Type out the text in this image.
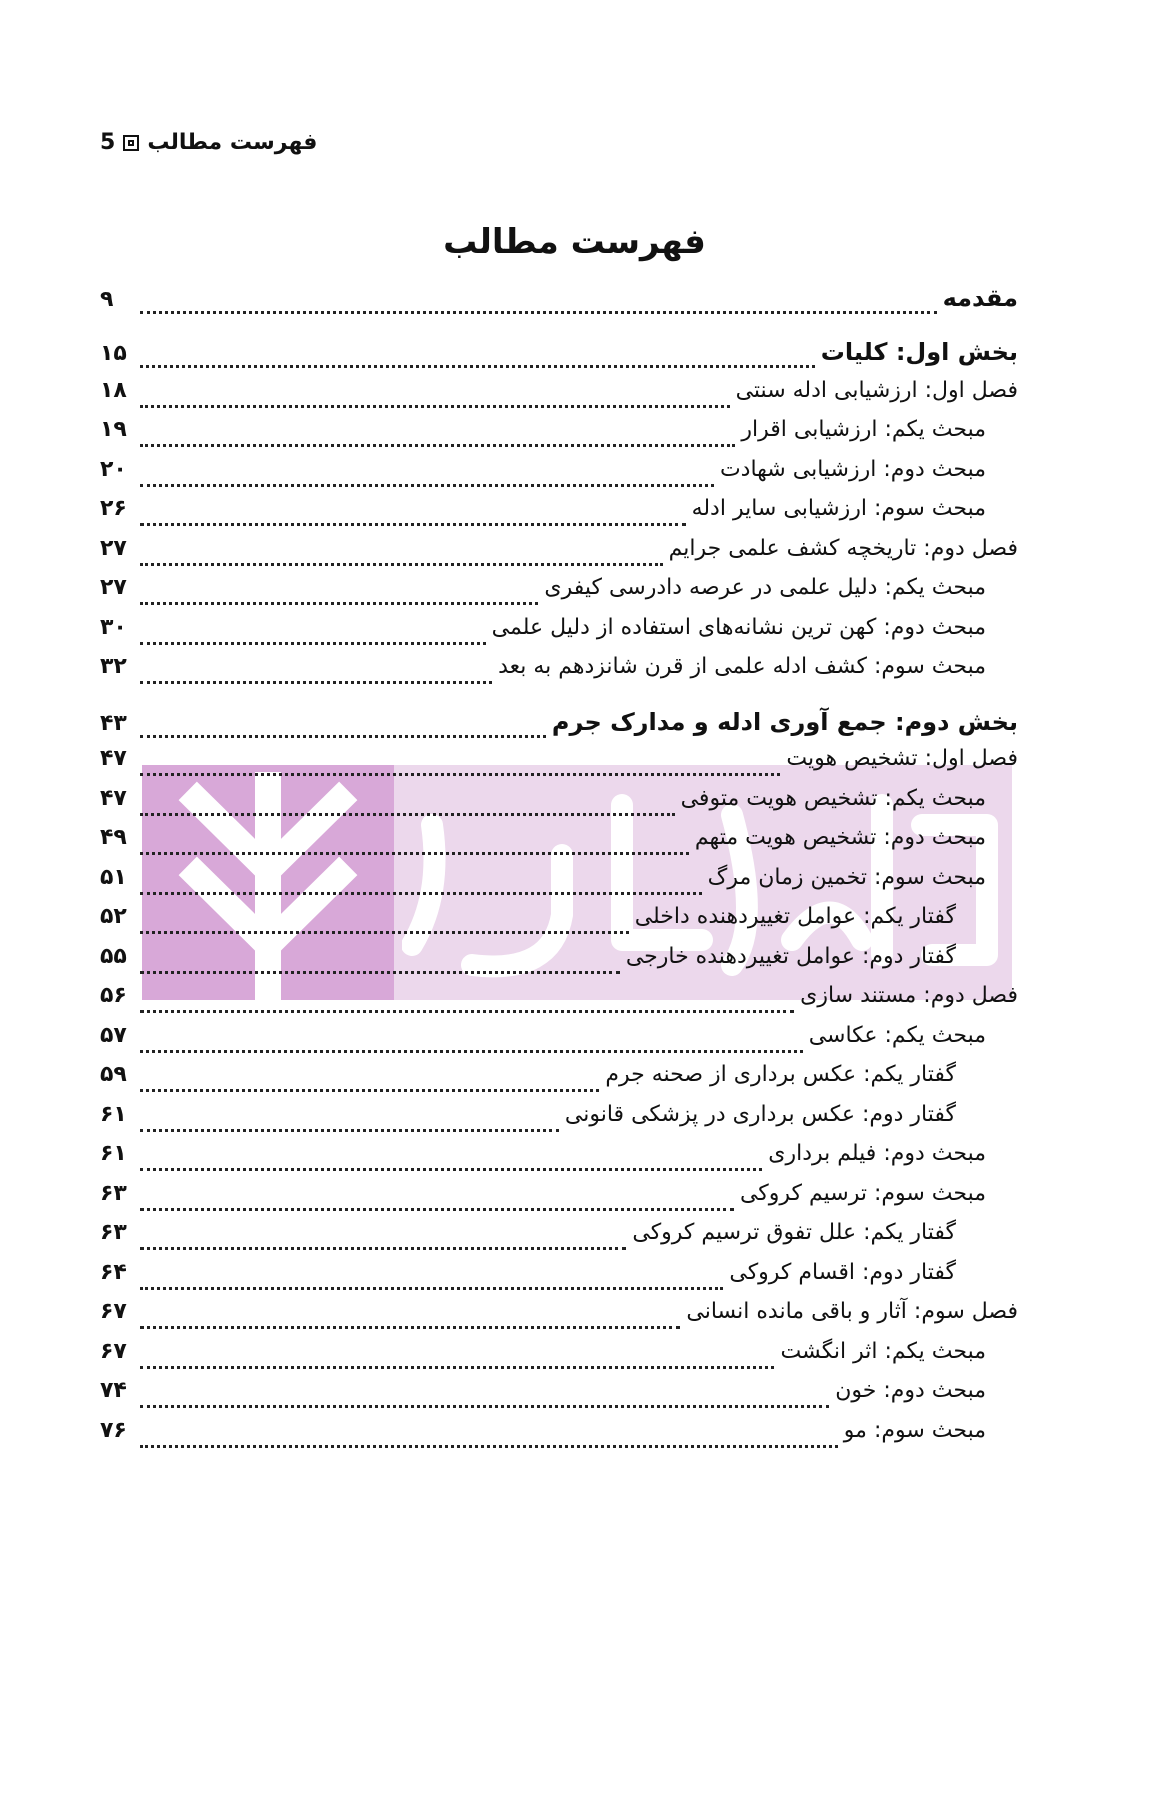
فهرست مطالب
5
فهرست مطالب
مقدمه
۹
بخش اول: کلیات
۱۵
فصل اول: ارزشیابی ادله سنتی
۱۸
مبحث یکم: ارزشیابی اقرار
۱۹
مبحث دوم: ارزشیابی شهادت
۲۰
مبحث سوم: ارزشیابی سایر ادله
۲۶
فصل دوم: تاریخچه کشف علمی جرایم
۲۷
مبحث یکم: دلیل علمی در عرصه دادرسی کیفری
۲۷
مبحث دوم: کهن ترین نشانه‌های استفاده از دلیل علمی
۳۰
مبحث سوم: کشف ادله علمی از قرن شانزدهم به بعد
۳۲
بخش دوم: جمع آوری ادله و مدارک جرم
۴۳
فصل اول: تشخیص هویت
۴۷
مبحث یکم: تشخیص هویت متوفی
۴۷
مبحث دوم: تشخیص هویت متهم
۴۹
مبحث سوم: تخمین زمان مرگ
۵۱
گفتار یکم: عوامل تغییردهنده داخلی
۵۲
گفتار دوم: عوامل تغییردهنده خارجی
۵۵
فصل دوم: مستند سازی
۵۶
مبحث یکم: عکاسی
۵۷
گفتار یکم: عکس برداری از صحنه جرم
۵۹
گفتار دوم: عکس برداری در پزشکی قانونی
۶۱
مبحث دوم: فیلم برداری
۶۱
مبحث سوم: ترسیم کروکی
۶۳
گفتار یکم: علل تفوق ترسیم کروکی
۶۳
گفتار دوم: اقسام کروکی
۶۴
فصل سوم: آثار و باقی مانده انسانی
۶۷
مبحث یکم: اثر انگشت
۶۷
مبحث دوم: خون
۷۴
مبحث سوم: مو
۷۶
